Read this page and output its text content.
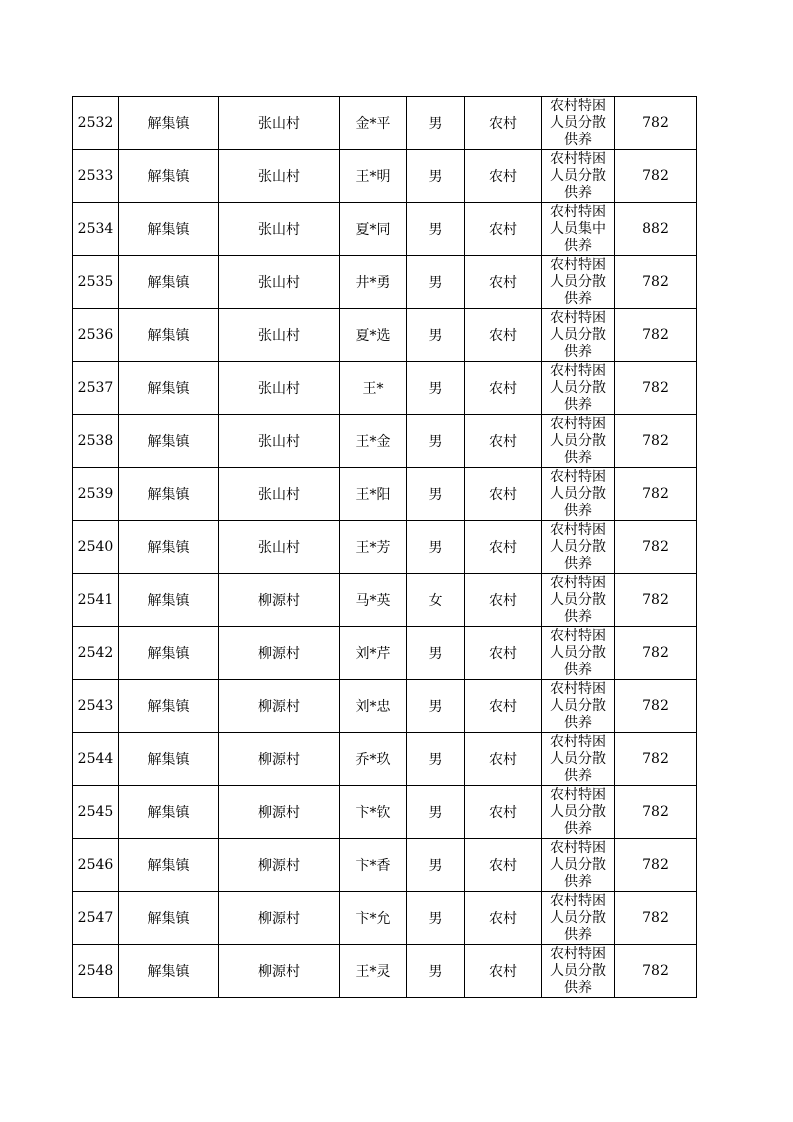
2532	解集镇	张山村	金*平	男	农村	农村特困人员分散供养	782
2533	解集镇	张山村	王*明	男	农村	农村特困人员分散供养	782
2534	解集镇	张山村	夏*同	男	农村	农村特困人员集中供养	882
2535	解集镇	张山村	井*勇	男	农村	农村特困人员分散供养	782
2536	解集镇	张山村	夏*选	男	农村	农村特困人员分散供养	782
2537	解集镇	张山村	王*	男	农村	农村特困人员分散供养	782
2538	解集镇	张山村	王*金	男	农村	农村特困人员分散供养	782
2539	解集镇	张山村	王*阳	男	农村	农村特困人员分散供养	782
2540	解集镇	张山村	王*芳	男	农村	农村特困人员分散供养	782
2541	解集镇	柳源村	马*英	女	农村	农村特困人员分散供养	782
2542	解集镇	柳源村	刘*芹	男	农村	农村特困人员分散供养	782
2543	解集镇	柳源村	刘*忠	男	农村	农村特困人员分散供养	782
2544	解集镇	柳源村	乔*玖	男	农村	农村特困人员分散供养	782
2545	解集镇	柳源村	卞*钦	男	农村	农村特困人员分散供养	782
2546	解集镇	柳源村	卞*香	男	农村	农村特困人员分散供养	782
2547	解集镇	柳源村	卞*允	男	农村	农村特困人员分散供养	782
2548	解集镇	柳源村	王*灵	男	农村	农村特困人员分散供养	782
